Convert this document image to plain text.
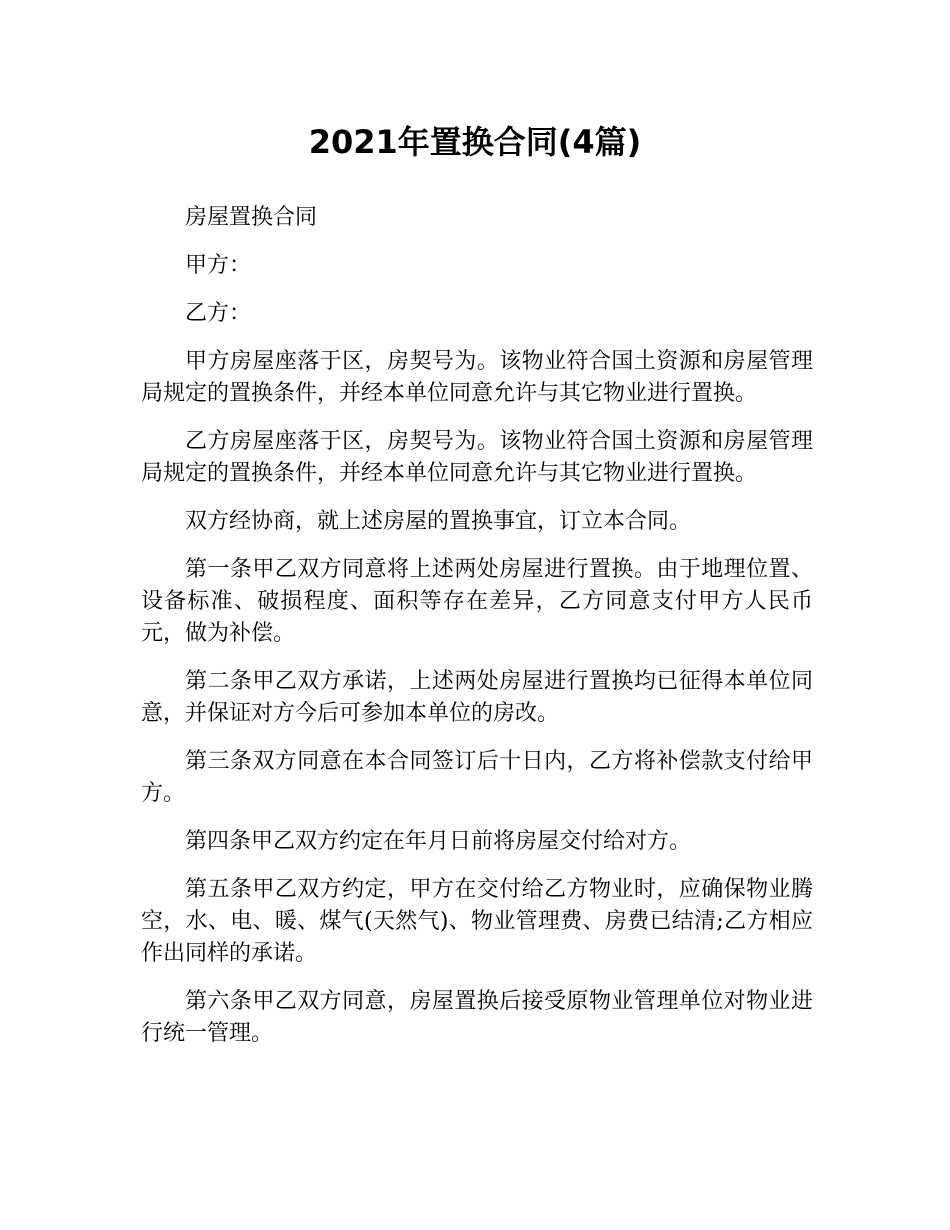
2021年置换合同(4篇)

房屋置换合同

甲方：

乙方：

甲方房屋座落于区，房契号为。该物业符合国土资源和房屋管理局规定的置换条件，并经本单位同意允许与其它物业进行置换。

乙方房屋座落于区，房契号为。该物业符合国土资源和房屋管理局规定的置换条件，并经本单位同意允许与其它物业进行置换。

双方经协商，就上述房屋的置换事宜，订立本合同。

第一条甲乙双方同意将上述两处房屋进行置换。由于地理位置、设备标准、破损程度、面积等存在差异，乙方同意支付甲方人民币元，做为补偿。

第二条甲乙双方承诺，上述两处房屋进行置换均已征得本单位同意，并保证对方今后可参加本单位的房改。

第三条双方同意在本合同签订后十日内，乙方将补偿款支付给甲方。

第四条甲乙双方约定在年月日前将房屋交付给对方。

第五条甲乙双方约定，甲方在交付给乙方物业时，应确保物业腾空，水、电、暖、煤气(天然气)、物业管理费、房费已结清;乙方相应作出同样的承诺。

第六条甲乙双方同意，房屋置换后接受原物业管理单位对物业进行统一管理。
